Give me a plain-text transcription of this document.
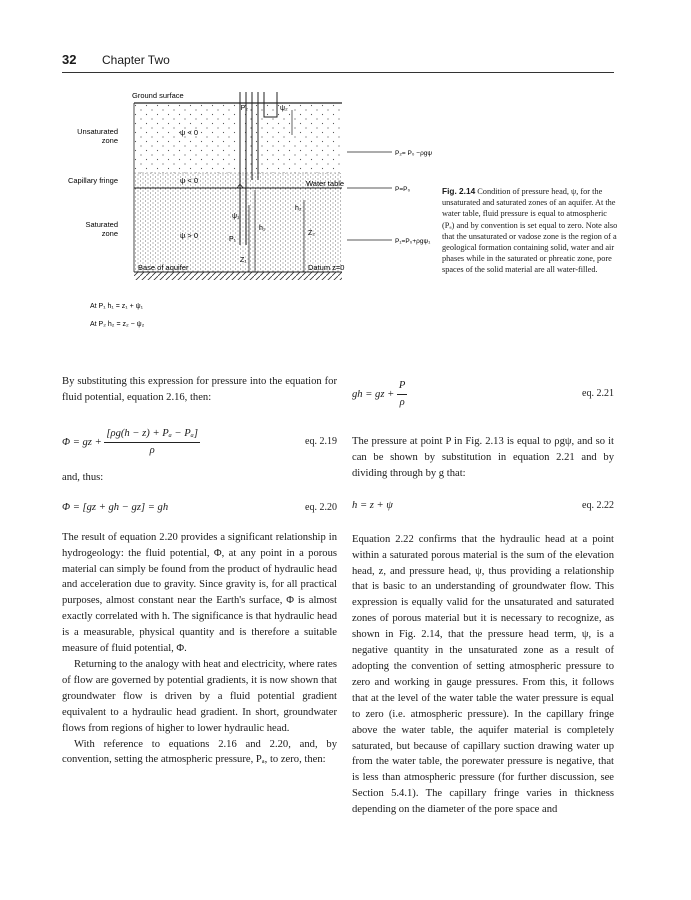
32 Chapter Two
Ground surface
Unsaturated
zone
Capillary fringe
Saturated
zone
ψ < 0
ψ < 0
ψ > 0
Water table
Base of aquifer	Datum z=0
P₂
P₁
ψ₂
ψ₁
h₁
h₂
Z₁
Z₂
P₂= P₀ −ρgψ₂
P=P₀
P₁=P₀+ρgψ₁
At P₁ h₁ = z₁ + ψ₁
At P₂ h₂ = z₂ − ψ₂
Fig. 2.14 Condition of pressure head, ψ, for the unsaturated and saturated zones of an aquifer. At the water table, fluid pressure is equal to atmospheric (Pₐ) and by convention is set equal to zero. Note also that the unsaturated or vadose zone is the region of a geological formation containing solid, water and air phases while in the saturated or phreatic zone, pore spaces of the solid material are all water-filled.

By substituting this expression for pressure into the equation for fluid potential, equation 2.16, then:

Φ = gz + $\frac{\text{[ρg(h − z) + Pₐ − Pₐ]}}{\rho}$	eq. 2.19

and, thus:

Φ = [gz + gh − gz] = gh	eq. 2.20

The result of equation 2.20 provides a significant relationship in hydrogeology: the fluid potential, Φ, at any point in a porous material can simply be found from the product of hydraulic head and acceleration due to gravity. Since gravity is, for all practical purposes, almost constant near the Earth's surface, Φ is almost exactly correlated with h. The significance is that hydraulic head is a measurable, physical quantity and is therefore a suitable measure of fluid potential, Φ.

Returning to the analogy with heat and electricity, where rates of flow are governed by potential gradients, it is now shown that groundwater flow is driven by a fluid potential gradient equivalent to a hydraulic head gradient. In short, groundwater flows from regions of higher to lower hydraulic head.

With reference to equations 2.16 and 2.20, and, by convention, setting the atmospheric pressure, Pₐ, to zero, then:

gh = gz + $\frac{P}{\rho}$	eq. 2.21

The pressure at point P in Fig. 2.13 is equal to ρgψ, and so it can be shown by substitution in equation 2.21 and by dividing through by g that:

h = z + ψ	eq. 2.22

Equation 2.22 confirms that the hydraulic head at a point within a saturated porous material is the sum of the elevation head, z, and pressure head, ψ, thus providing a relationship that is basic to an understanding of groundwater flow. This expression is equally valid for the unsaturated and saturated zones of porous material but it is necessary to recognize, as shown in Fig. 2.14, that the pressure head term, ψ, is a negative quantity in the unsaturated zone as a result of adopting the convention of setting atmospheric pressure to zero and working in gauge pressures. From this, it follows that at the level of the water table the water pressure is equal to zero (i.e. atmospheric pressure). In the capillary fringe above the water table, the aquifer material is completely saturated, but because of capillary suction drawing water up from the water table, the porewater pressure is negative, that is less than atmospheric pressure (for further discussion, see Section 5.4.1). The capillary fringe varies in thickness depending on the diameter of the pore space and
